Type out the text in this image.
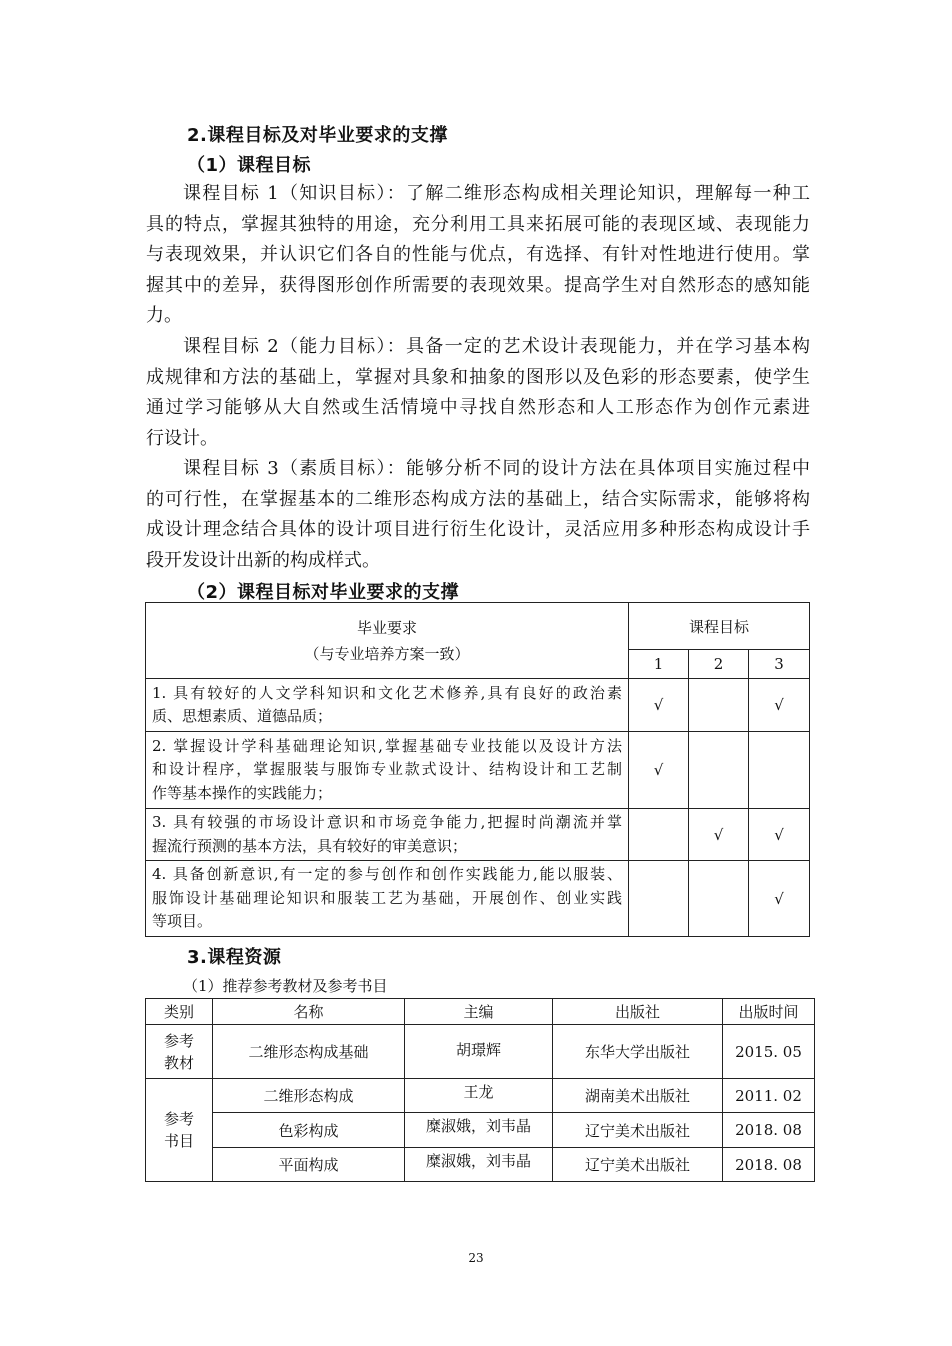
2.课程目标及对毕业要求的支撑
（1）课程目标
课程目标 1（知识目标）：了解二维形态构成相关理论知识，理解每一种工
具的特点，掌握其独特的用途，充分利用工具来拓展可能的表现区域、表现能力
与表现效果，并认识它们各自的性能与优点，有选择、有针对性地进行使用。掌
握其中的差异，获得图形创作所需要的表现效果。提高学生对自然形态的感知能
力。
课程目标 2（能力目标）：具备一定的艺术设计表现能力，并在学习基本构
成规律和方法的基础上，掌握对具象和抽象的图形以及色彩的形态要素，使学生
通过学习能够从大自然或生活情境中寻找自然形态和人工形态作为创作元素进
行设计。
课程目标 3（素质目标）：能够分析不同的设计方法在具体项目实施过程中
的可行性，在掌握基本的二维形态构成方法的基础上，结合实际需求，能够将构
成设计理念结合具体的设计项目进行衍生化设计，灵活应用多种形态构成设计手
段开发设计出新的构成样式。
（2）课程目标对毕业要求的支撑
毕业要求
（与专业培养方案一致）	课程目标		
	1	2	3

1. 具有较好的人文学科知识和文化艺术修养,具有良好的政治素
质、思想素质、道德品质；	√		√

2. 掌握设计学科基础理论知识,掌握基础专业技能以及设计方法
和设计程序，掌握服装与服饰专业款式设计、结构设计和工艺制
作等基本操作的实践能力；	√		

3. 具有较强的市场设计意识和市场竞争能力,把握时尚潮流并掌
握流行预测的基本方法，具有较好的审美意识；		√	√

4. 具备创新意识,有一定的参与创作和创作实践能力,能以服装、
服饰设计基础理论知识和服装工艺为基础，开展创作、创业实践
等项目。			√
3.课程资源
（1）推荐参考教材及参考书目
类别	名称	主编	出版社	出版时间

参考
教材	二维形态构成基础	胡璟辉	东华大学出版社	2015. 05

参考
书目	二维形态构成	王龙	湖南美术出版社	2011. 02
	色彩构成	糜淑娥，刘韦晶	辽宁美术出版社	2018. 08
	平面构成	糜淑娥，刘韦晶	辽宁美术出版社	2018. 08
23
